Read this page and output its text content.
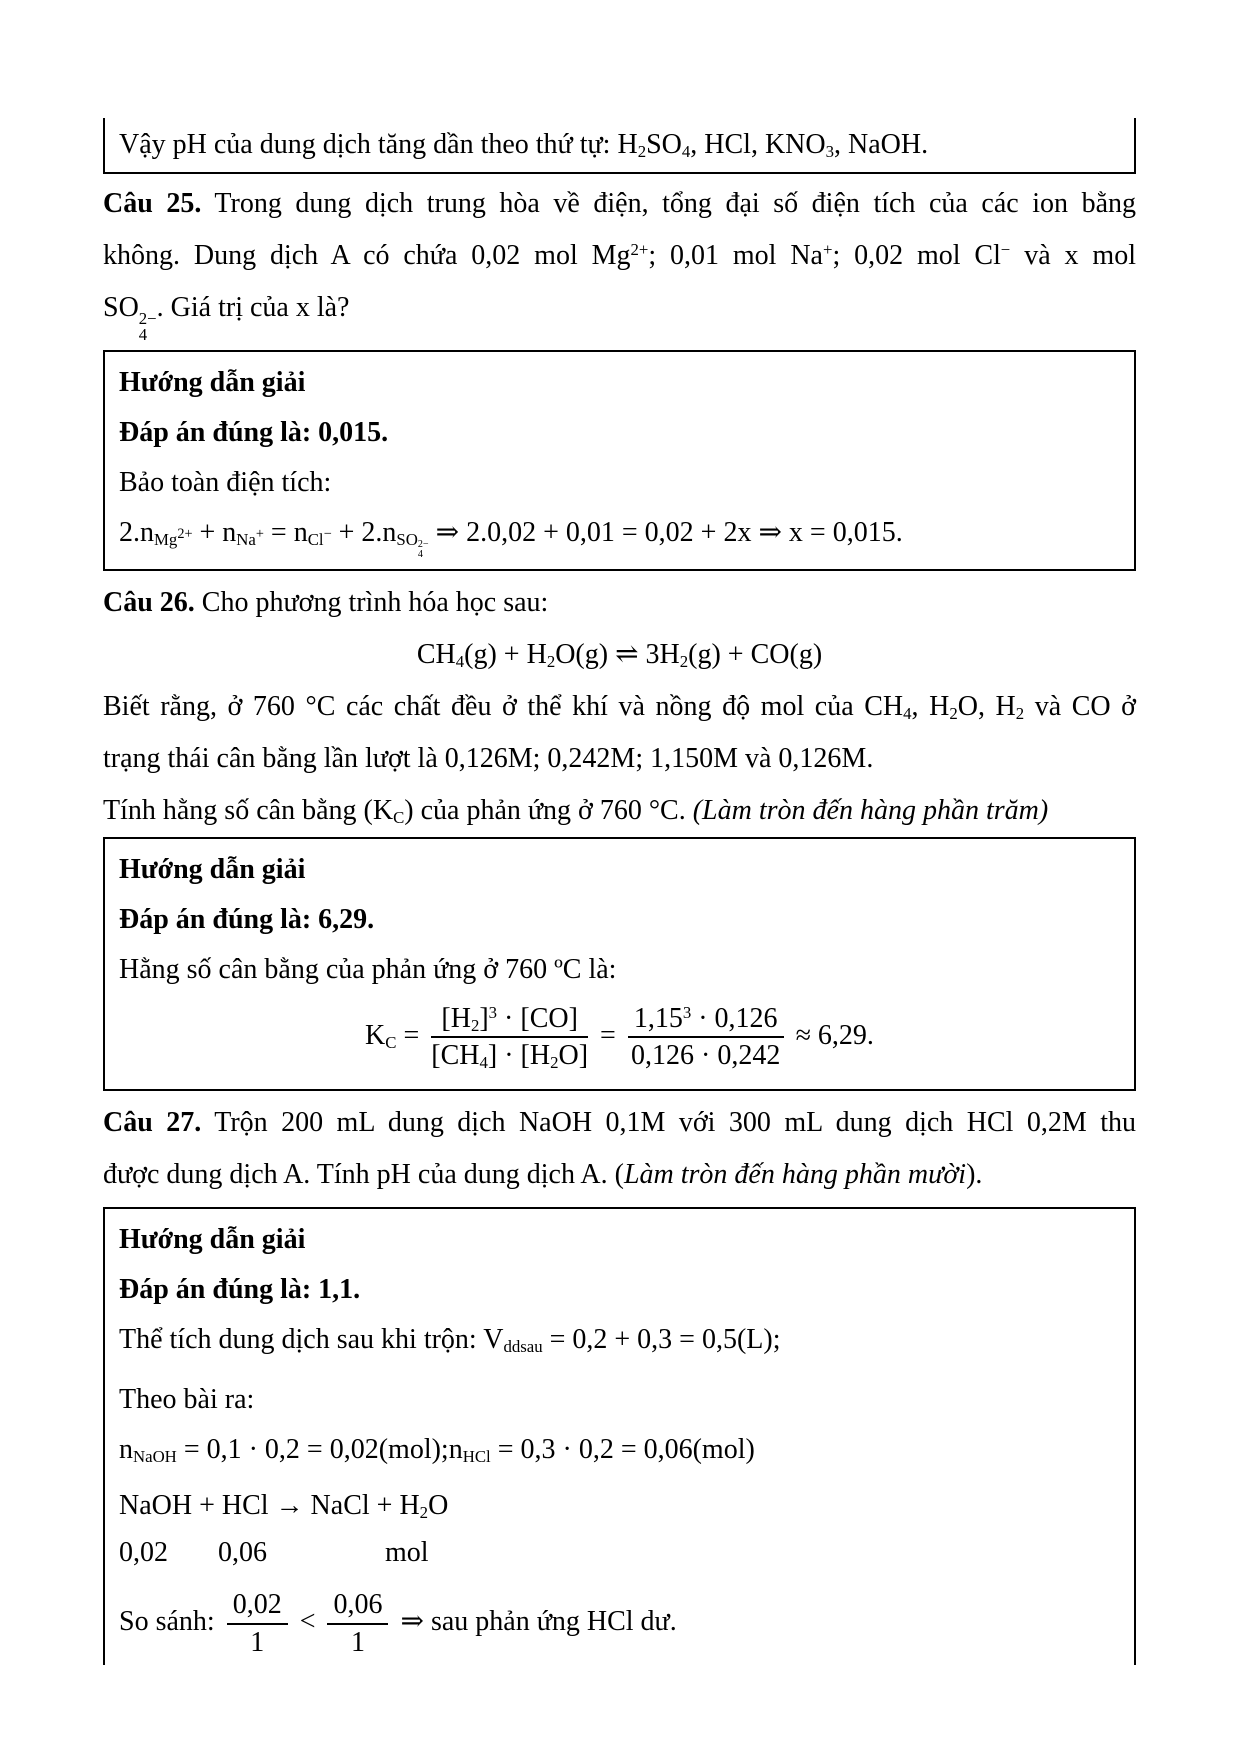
Vậy pH của dung dịch tăng dần theo thứ tự: $H_2SO_4$, HCl, $KNO_3$, NaOH.
Câu 25. Trong dung dịch trung hòa về điện, tổng đại số điện tích của các ion bằng
không. Dung dịch A có chứa 0,02 mol $Mg^{2+}$; 0,01 mol Na+; 0,02 mol Cl− và x mol
SO 2−
4
. Giá trị của x là?
Hướng dẫn giải
Đáp án đúng là: 0,015.
Bảo toàn điện tích:
$2.n_{Mg^{2+}} + n_{Na^+} = n_{Cl^-} + 2.n_{SO 2- 4}$
⇒ 2.0,02 + 0,01 = 0,02 + 2x ⇒ x = 0,015.
Câu 26. Cho phương trình hóa học sau:
$CH_4(g) + H_2O(g)$ ⇌ $3H_2(g) + CO(g)$
Biết rằng, ở 760 °C các chất đều ở thể khí và nồng độ mol của $CH_4$, $H_2O$, $H_2$ và CO ở
trạng thái cân bằng lần lượt là 0,126M; 0,242M; 1,150M và 0,126M.
Tính hằng số cân bằng $(K_C)$ của phản ứng ở 760 °C. (Làm tròn đến hàng phần trăm)
Hướng dẫn giải
Đáp án đúng là: 6,29.
Hằng số cân bằng của phản ứng ở 760 ºC là:
$K_C = \frac{[H_2]^3 \cdot [CO]}{[CH_4] \cdot [H_2O]} = \frac{1,15^3 \cdot 0,126}{0,126 \cdot 0,242} \approx 6,29$.
Câu 27. Trộn 200 mL dung dịch NaOH 0,1M với 300 mL dung dịch HCl 0,2M thu
được dung dịch A. Tính pH của dung dịch A. (Làm tròn đến hàng phần mười).
Hướng dẫn giải
Đáp án đúng là: 1,1.
Thể tích dung dịch sau khi trộn: $V_{ddsau} = 0,2 + 0,3 = 0,5(L)$;
Theo bài ra:
$n_{NaOH} = 0,1 \cdot 0,2$ = $0,02(mol);n_{HCl} = 0,3 \cdot 0,2 = 0,06(mol)$
NaOH + HCl → NaCl + $H_2O$
0,02 0,06	mol
So sánh: $\frac{0,02}{1} < \frac{0,06}{1}$ ⇒ sau phản ứng HCl dư.
